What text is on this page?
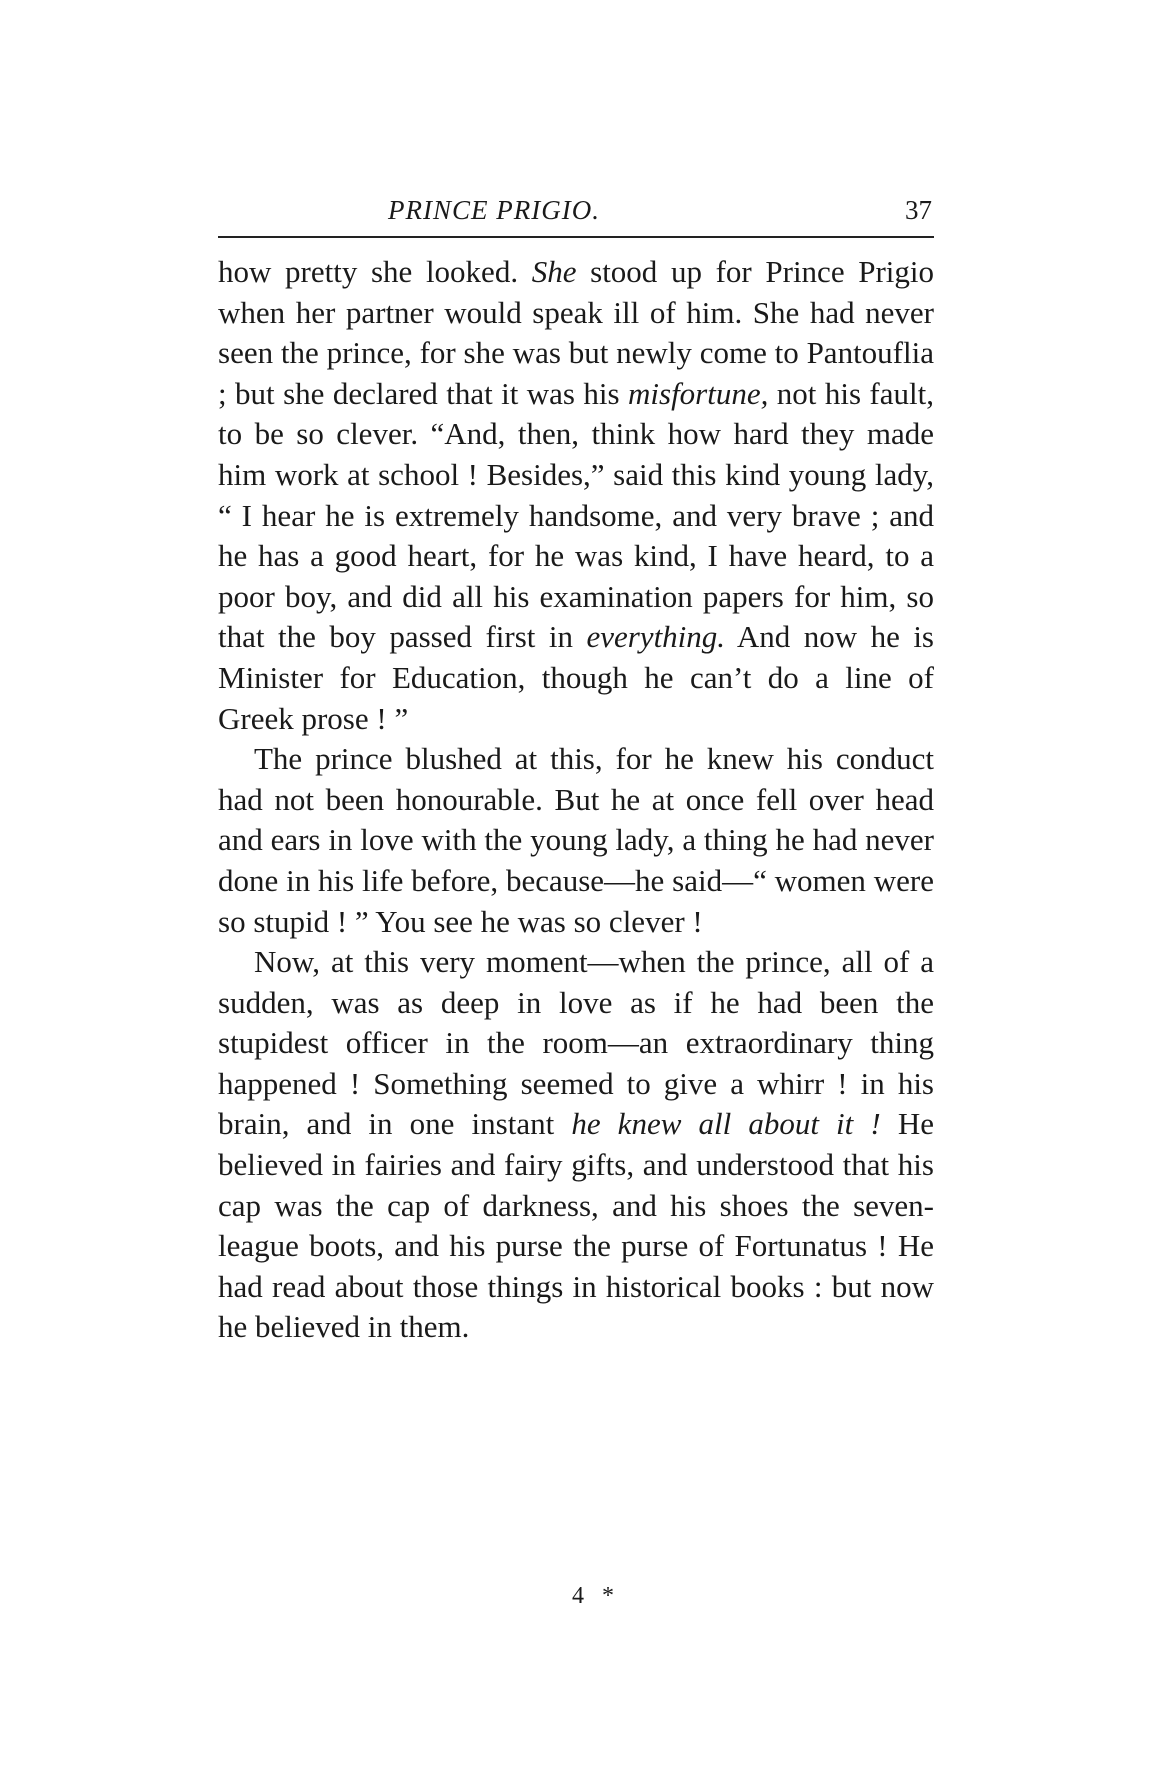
PRINCE PRIGIO.	37

how pretty she looked. She stood up for Prince Prigio when her partner would speak ill of him. She had never seen the prince, for she was but newly come to Pantouflia ; but she declared that it was his misfortune, not his fault, to be so clever. “And, then, think how hard they made him work at school ! Besides,” said this kind young lady, “ I hear he is extremely handsome, and very brave ; and he has a good heart, for he was kind, I have heard, to a poor boy, and did all his examination papers for him, so that the boy passed first in everything. And now he is Minister for Education, though he can’t do a line of Greek prose ! ”

The prince blushed at this, for he knew his conduct had not been honourable. But he at once fell over head and ears in love with the young lady, a thing he had never done in his life before, because—he said—“ women were so stupid ! ” You see he was so clever !

Now, at this very moment—when the prince, all of a sudden, was as deep in love as if he had been the stupidest officer in the room—an extraordinary thing happened ! Something seemed to give a whirr ! in his brain, and in one instant he knew all about it ! He believed in fairies and fairy gifts, and understood that his cap was the cap of darkness, and his shoes the seven-league boots, and his purse the purse of Fortunatus ! He had read about those things in historical books : but now he believed in them.

4 *
